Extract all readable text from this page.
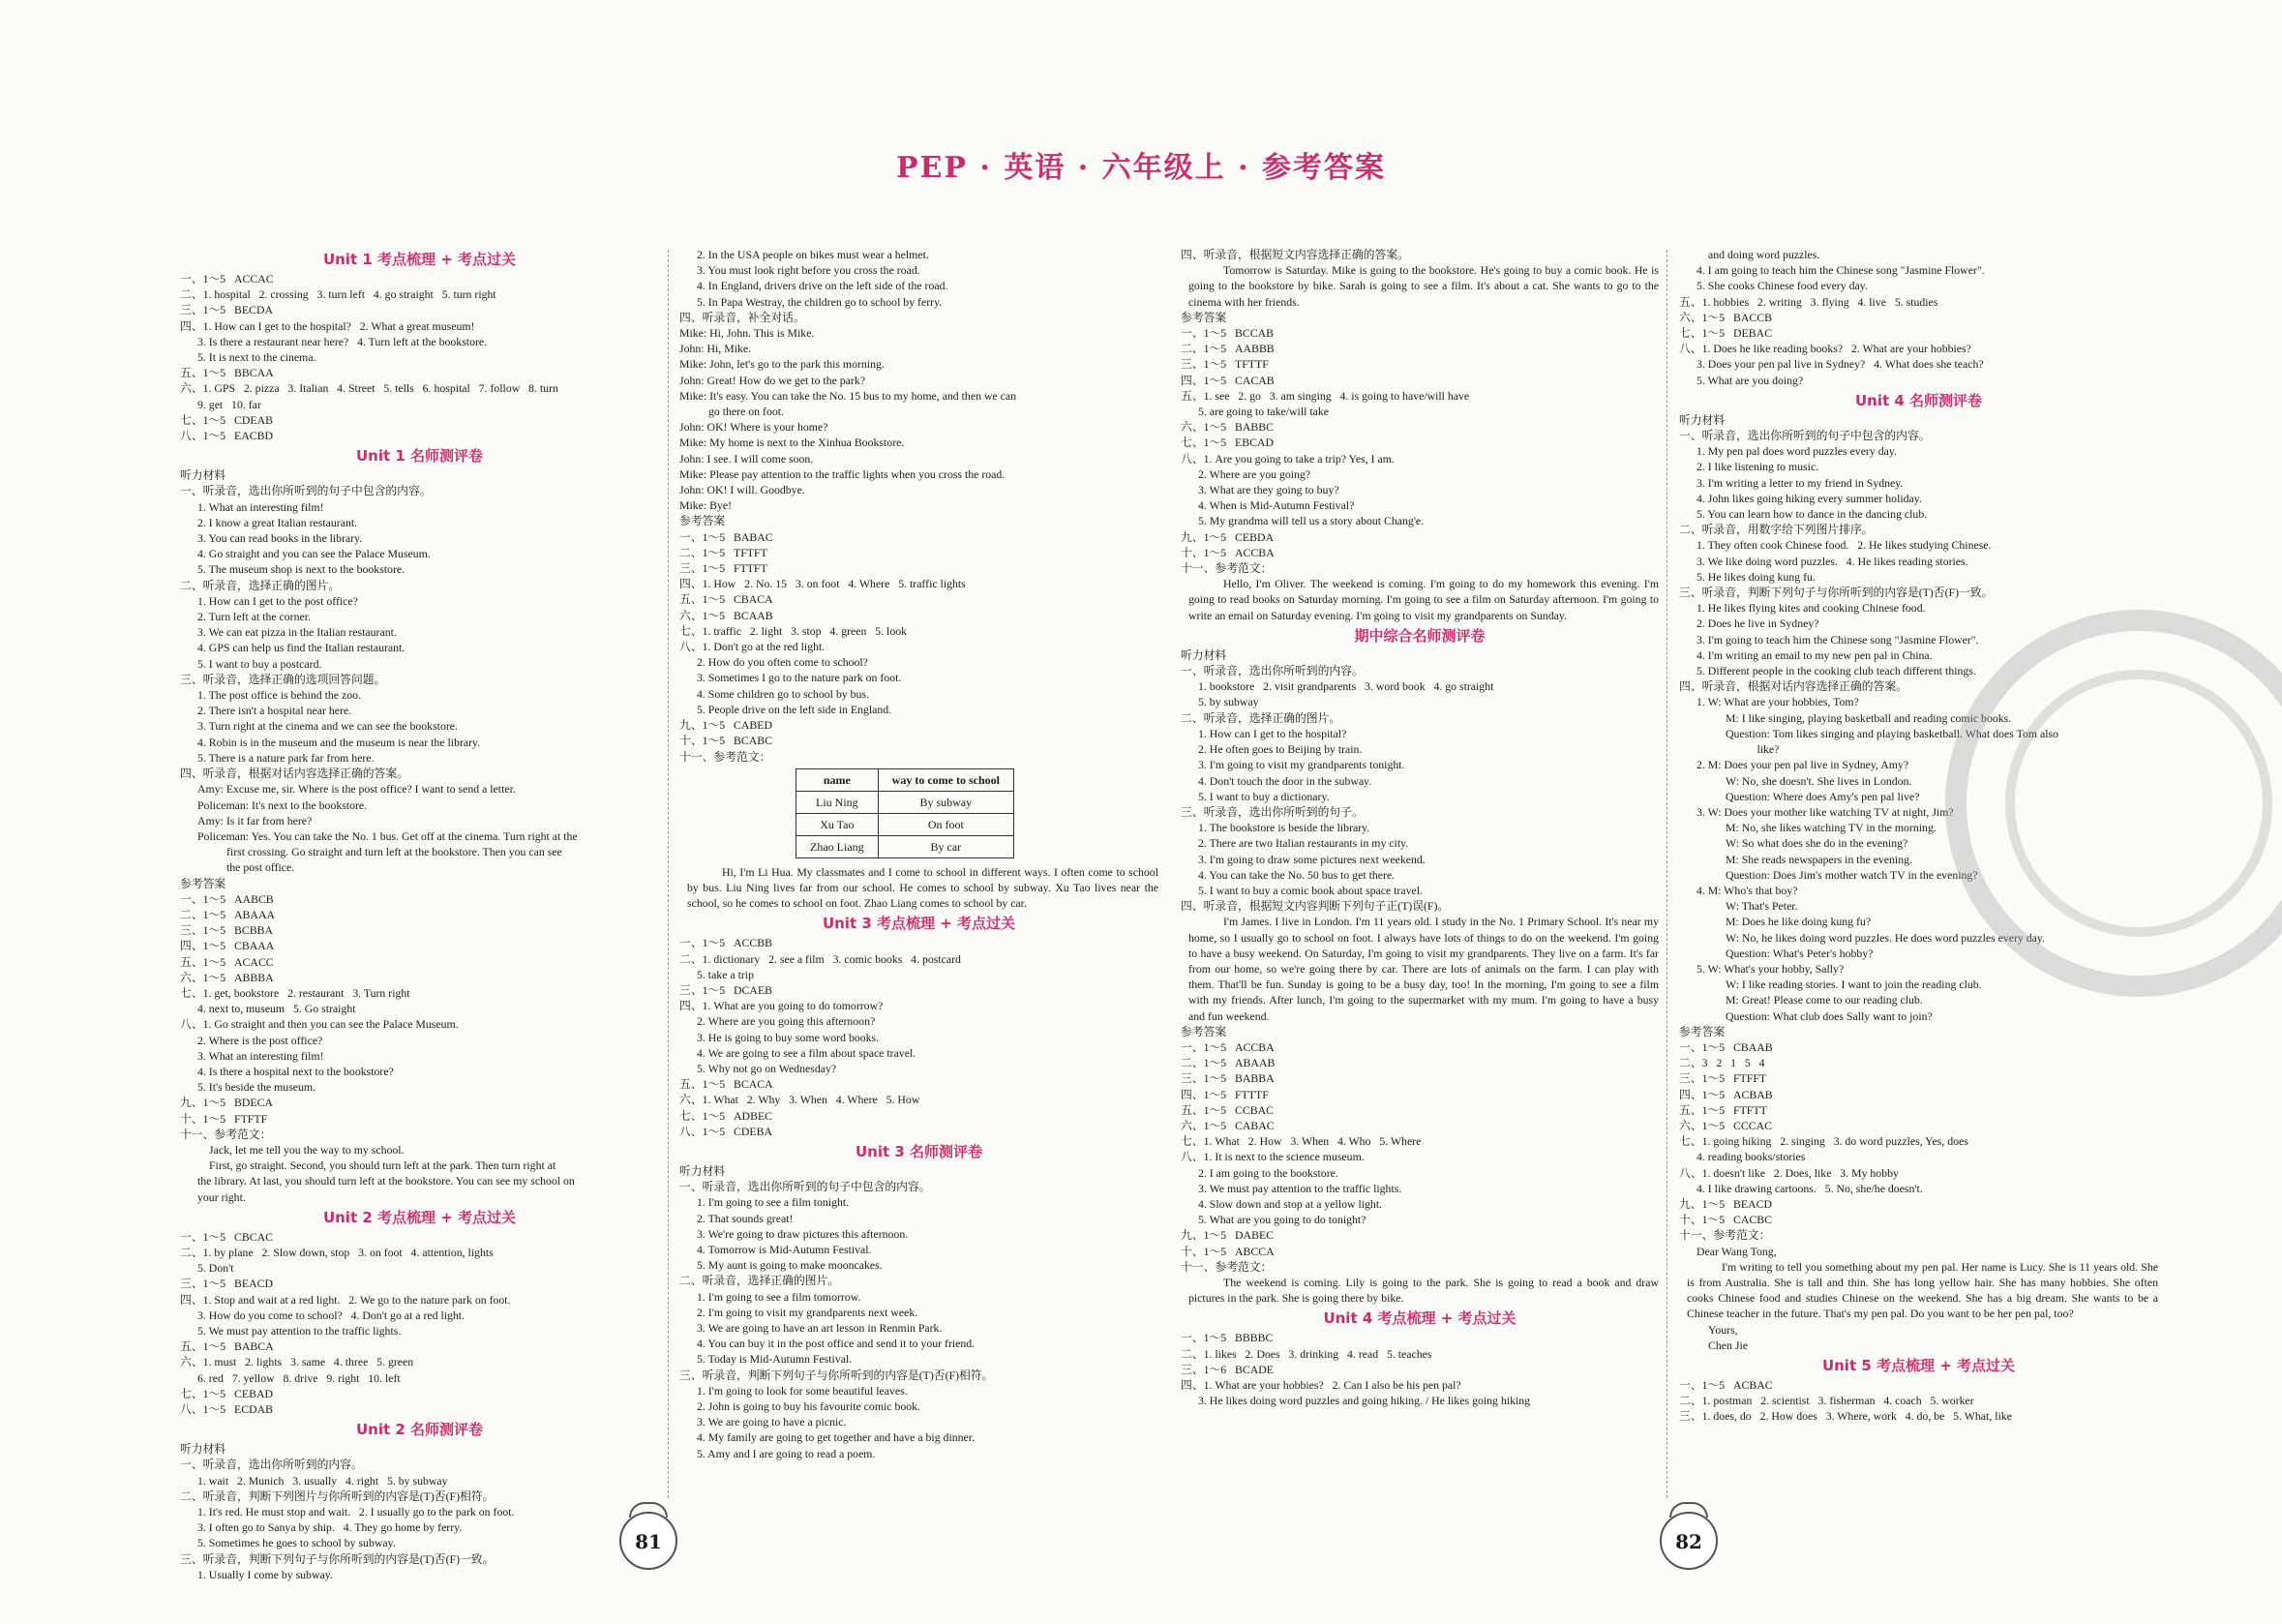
PEP · 英语 · 六年级上 · 参考答案
Unit 1 考点梳理 + 考点过关
一、1～5   ACCAC
二、1. hospital   2. crossing   3. turn left   4. go straight   5. turn right
三、1～5   BECDA
四、1. How can I get to the hospital?   2. What a great museum!
3. Is there a restaurant near here?   4. Turn left at the bookstore.
5. It is next to the cinema.
五、1～5   BBCAA
六、1. GPS   2. pizza   3. Italian   4. Street   5. tells   6. hospital   7. follow   8. turn
9. get   10. far
七、1～5   CDEAB
八、1～5   EACBD
Unit 1 名师测评卷
听力材料
一、听录音，选出你所听到的句子中包含的内容。
1. What an interesting film!
2. I know a great Italian restaurant.
3. You can read books in the library.
4. Go straight and you can see the Palace Museum.
5. The museum shop is next to the bookstore.
二、听录音，选择正确的图片。
1. How can I get to the post office?
2. Turn left at the corner.
3. We can eat pizza in the Italian restaurant.
4. GPS can help us find the Italian restaurant.
5. I want to buy a postcard.
三、听录音，选择正确的选项回答问题。
1. The post office is behind the zoo.
2. There isn't a hospital near here.
3. Turn right at the cinema and we can see the bookstore.
4. Robin is in the museum and the museum is near the library.
5. There is a nature park far from here.
四、听录音，根据对话内容选择正确的答案。
Amy: Excuse me, sir. Where is the post office? I want to send a letter.
Policeman: It's next to the bookstore.
Amy: Is it far from here?
Policeman: Yes. You can take the No. 1 bus. Get off at the cinema. Turn right at the
first crossing. Go straight and turn left at the bookstore. Then you can see
the post office.
参考答案
一、1～5   AABCB
二、1～5   ABAAA
三、1～5   BCBBA
四、1～5   CBAAA
五、1～5   ACACC
六、1～5   ABBBA
七、1. get, bookstore   2. restaurant   3. Turn right
4. next to, museum   5. Go straight
八、1. Go straight and then you can see the Palace Museum.
2. Where is the post office?
3. What an interesting film!
4. Is there a hospital next to the bookstore?
5. It's beside the museum.
九、1～5   BDECA
十、1～5   FTFTF
十一、参考范文：
Jack, let me tell you the way to my school.
First, go straight. Second, you should turn left at the park. Then turn right at
the library. At last, you should turn left at the bookstore. You can see my school on
your right.
Unit 2 考点梳理 + 考点过关
一、1～5   CBCAC
二、1. by plane   2. Slow down, stop   3. on foot   4. attention, lights
5. Don't
三、1～5   BEACD
四、1. Stop and wait at a red light.   2. We go to the nature park on foot.
3. How do you come to school?   4. Don't go at a red light.
5. We must pay attention to the traffic lights.
五、1～5   BABCA
六、1. must   2. lights   3. same   4. three   5. green
6. red   7. yellow   8. drive   9. right   10. left
七、1～5   CEBAD
八、1～5   ECDAB
Unit 2 名师测评卷
听力材料
一、听录音，选出你所听到的内容。
1. wait   2. Munich   3. usually   4. right   5. by subway
二、听录音，判断下列图片与你所听到的内容是(T)否(F)相符。
1. It's red. He must stop and wait.   2. I usually go to the park on foot.
3. I often go to Sanya by ship.   4. They go home by ferry.
5. Sometimes he goes to school by subway.
三、听录音，判断下列句子与你所听到的内容是(T)否(F)一致。
1. Usually I come by subway.
2. In the USA people on bikes must wear a helmet.
3. You must look right before you cross the road.
4. In England, drivers drive on the left side of the road.
5. In Papa Westray, the children go to school by ferry.
四、听录音，补全对话。
Mike: Hi, John. This is Mike.
John: Hi, Mike.
Mike: John, let's go to the park this morning.
John: Great! How do we get to the park?
Mike: It's easy. You can take the No. 15 bus to my home, and then we can
go there on foot.
John: OK! Where is your home?
Mike: My home is next to the Xinhua Bookstore.
John: I see. I will come soon.
Mike: Please pay attention to the traffic lights when you cross the road.
John: OK! I will. Goodbye.
Mike: Bye!
参考答案
一、1～5   BABAC
二、1～5   TFTFT
三、1～5   FTTFT
四、1. How   2. No. 15   3. on foot   4. Where   5. traffic lights
五、1～5   CBACA
六、1～5   BCAAB
七、1. traffic   2. light   3. stop   4. green   5. look
八、1. Don't go at the red light.
2. How do you often come to school?
3. Sometimes I go to the nature park on foot.
4. Some children go to school by bus.
5. People drive on the left side in England.
九、1～5   CABED
十、1～5   BCABC
十一、参考范文：
name	way to come to school
Liu Ning	By subway
Xu Tao	On foot
Zhao Liang	By car
Hi, I'm Li Hua. My classmates and I come to school in different ways. I often come to school by bus. Liu Ning lives far from our school. He comes to school by subway. Xu Tao lives near the school, so he comes to school on foot. Zhao Liang comes to school by car.
Unit 3 考点梳理 + 考点过关
一、1～5   ACCBB
二、1. dictionary   2. see a film   3. comic books   4. postcard
5. take a trip
三、1～5   DCAEB
四、1. What are you going to do tomorrow?
2. Where are you going this afternoon?
3. He is going to buy some word books.
4. We are going to see a film about space travel.
5. Why not go on Wednesday?
五、1～5   BCACA
六、1. What   2. Why   3. When   4. Where   5. How
七、1～5   ADBEC
八、1～5   CDEBA
Unit 3 名师测评卷
听力材料
一、听录音，选出你所听到的句子中包含的内容。
1. I'm going to see a film tonight.
2. That sounds great!
3. We're going to draw pictures this afternoon.
4. Tomorrow is Mid-Autumn Festival.
5. My aunt is going to make mooncakes.
二、听录音，选择正确的图片。
1. I'm going to see a film tomorrow.
2. I'm going to visit my grandparents next week.
3. We are going to have an art lesson in Renmin Park.
4. You can buy it in the post office and send it to your friend.
5. Today is Mid-Autumn Festival.
三、听录音，判断下列句子与你所听到的内容是(T)否(F)相符。
1. I'm going to look for some beautiful leaves.
2. John is going to buy his favourite comic book.
3. We are going to have a picnic.
4. My family are going to get together and have a big dinner.
5. Amy and I are going to read a poem.
四、听录音，根据短文内容选择正确的答案。
Tomorrow is Saturday. Mike is going to the bookstore. He's going to buy a comic book. He is going to the bookstore by bike. Sarah is going to see a film. It's about a cat. She wants to go to the cinema with her friends.
参考答案
一、1～5   BCCAB
二、1～5   AABBB
三、1～5   TFTTF
四、1～5   CACAB
五、1. see   2. go   3. am singing   4. is going to have/will have
5. are going to take/will take
六、1～5   BABBC
七、1～5   EBCAD
八、1. Are you going to take a trip? Yes, I am.
2. Where are you going?
3. What are they going to buy?
4. When is Mid-Autumn Festival?
5. My grandma will tell us a story about Chang'e.
九、1～5   CEBDA
十、1～5   ACCBA
十一、参考范文：
Hello, I'm Oliver. The weekend is coming. I'm going to do my homework this evening. I'm going to read books on Saturday morning. I'm going to see a film on Saturday afternoon. I'm going to write an email on Saturday evening. I'm going to visit my grandparents on Sunday.
期中综合名师测评卷
听力材料
一、听录音，选出你所听到的内容。
1. bookstore   2. visit grandparents   3. word book   4. go straight
5. by subway
二、听录音，选择正确的图片。
1. How can I get to the hospital?
2. He often goes to Beijing by train.
3. I'm going to visit my grandparents tonight.
4. Don't touch the door in the subway.
5. I want to buy a dictionary.
三、听录音，选出你所听到的句子。
1. The bookstore is beside the library.
2. There are two Italian restaurants in my city.
3. I'm going to draw some pictures next weekend.
4. You can take the No. 50 bus to get there.
5. I want to buy a comic book about space travel.
四、听录音，根据短文内容判断下列句子正(T)误(F)。
I'm James. I live in London. I'm 11 years old. I study in the No. 1 Primary School. It's near my home, so I usually go to school on foot. I always have lots of things to do on the weekend. I'm going to have a busy weekend. On Saturday, I'm going to visit my grandparents. They live on a farm. It's far from our home, so we're going there by car. There are lots of animals on the farm. I can play with them. That'll be fun. Sunday is going to be a busy day, too! In the morning, I'm going to see a film with my friends. After lunch, I'm going to the supermarket with my mum. I'm going to have a busy and fun weekend.
参考答案
一、1～5   ACCBA
二、1～5   ABAAB
三、1～5   BABBA
四、1～5   FTTTF
五、1～5   CCBAC
六、1～5   CABAC
七、1. What   2. How   3. When   4. Who   5. Where
八、1. It is next to the science museum.
2. I am going to the bookstore.
3. We must pay attention to the traffic lights.
4. Slow down and stop at a yellow light.
5. What are you going to do tonight?
九、1～5   DABEC
十、1～5   ABCCA
十一、参考范文：
The weekend is coming. Lily is going to the park. She is going to read a book and draw pictures in the park. She is going there by bike.
Unit 4 考点梳理 + 考点过关
一、1～5   BBBBC
二、1. likes   2. Does   3. drinking   4. read   5. teaches
三、1～6   BCADE
四、1. What are your hobbies?   2. Can I also be his pen pal?
3. He likes doing word puzzles and going hiking. / He likes going hiking
and doing word puzzles.
4. I am going to teach him the Chinese song "Jasmine Flower".
5. She cooks Chinese food every day.
五、1. hobbies   2. writing   3. flying   4. live   5. studies
六、1～5   BACCB
七、1～5   DEBAC
八、1. Does he like reading books?   2. What are your hobbies?
3. Does your pen pal live in Sydney?   4. What does she teach?
5. What are you doing?
Unit 4 名师测评卷
听力材料
一、听录音，选出你所听到的句子中包含的内容。
1. My pen pal does word puzzles every day.
2. I like listening to music.
3. I'm writing a letter to my friend in Sydney.
4. John likes going hiking every summer holiday.
5. You can learn how to dance in the dancing club.
二、听录音，用数字给下列图片排序。
1. They often cook Chinese food.   2. He likes studying Chinese.
3. We like doing word puzzles.   4. He likes reading stories.
5. He likes doing kung fu.
三、听录音，判断下列句子与你所听到的内容是(T)否(F)一致。
1. He likes flying kites and cooking Chinese food.
2. Does he live in Sydney?
3. I'm going to teach him the Chinese song "Jasmine Flower".
4. I'm writing an email to my new pen pal in China.
5. Different people in the cooking club teach different things.
四、听录音，根据对话内容选择正确的答案。
1. W: What are your hobbies, Tom?
M: I like singing, playing basketball and reading comic books.
Question: Tom likes singing and playing basketball. What does Tom also
like?
2. M: Does your pen pal live in Sydney, Amy?
W: No, she doesn't. She lives in London.
Question: Where does Amy's pen pal live?
3. W: Does your mother like watching TV at night, Jim?
M: No, she likes watching TV in the morning.
W: So what does she do in the evening?
M: She reads newspapers in the evening.
Question: Does Jim's mother watch TV in the evening?
4. M: Who's that boy?
W: That's Peter.
M: Does he like doing kung fu?
W: No, he likes doing word puzzles. He does word puzzles every day.
Question: What's Peter's hobby?
5. W: What's your hobby, Sally?
W: I like reading stories. I want to join the reading club.
M: Great! Please come to our reading club.
Question: What club does Sally want to join?
参考答案
一、1～5   CBAAB
二、3   2   1   5   4
三、1～5   FTFFT
四、1～5   ACBAB
五、1～5   FTFTT
六、1～5   CCCAC
七、1. going hiking   2. singing   3. do word puzzles, Yes, does
4. reading books/stories
八、1. doesn't like   2. Does, like   3. My hobby
4. I like drawing cartoons.   5. No, she/he doesn't.
九、1～5   BEACD
十、1～5   CACBC
十一、参考范文：
Dear Wang Tong,
I'm writing to tell you something about my pen pal. Her name is Lucy. She is 11 years old. She is from Australia. She is tall and thin. She has long yellow hair. She has many hobbies. She often cooks Chinese food and studies Chinese on the weekend. She has a big dream. She wants to be a Chinese teacher in the future. That's my pen pal. Do you want to be her pen pal, too?
Yours,
Chen Jie
Unit 5 考点梳理 + 考点过关
一、1～5   ACBAC
二、1. postman   2. scientist   3. fisherman   4. coach   5. worker
三、1. does, do   2. How does   3. Where, work   4. do, be   5. What, like
81	82
